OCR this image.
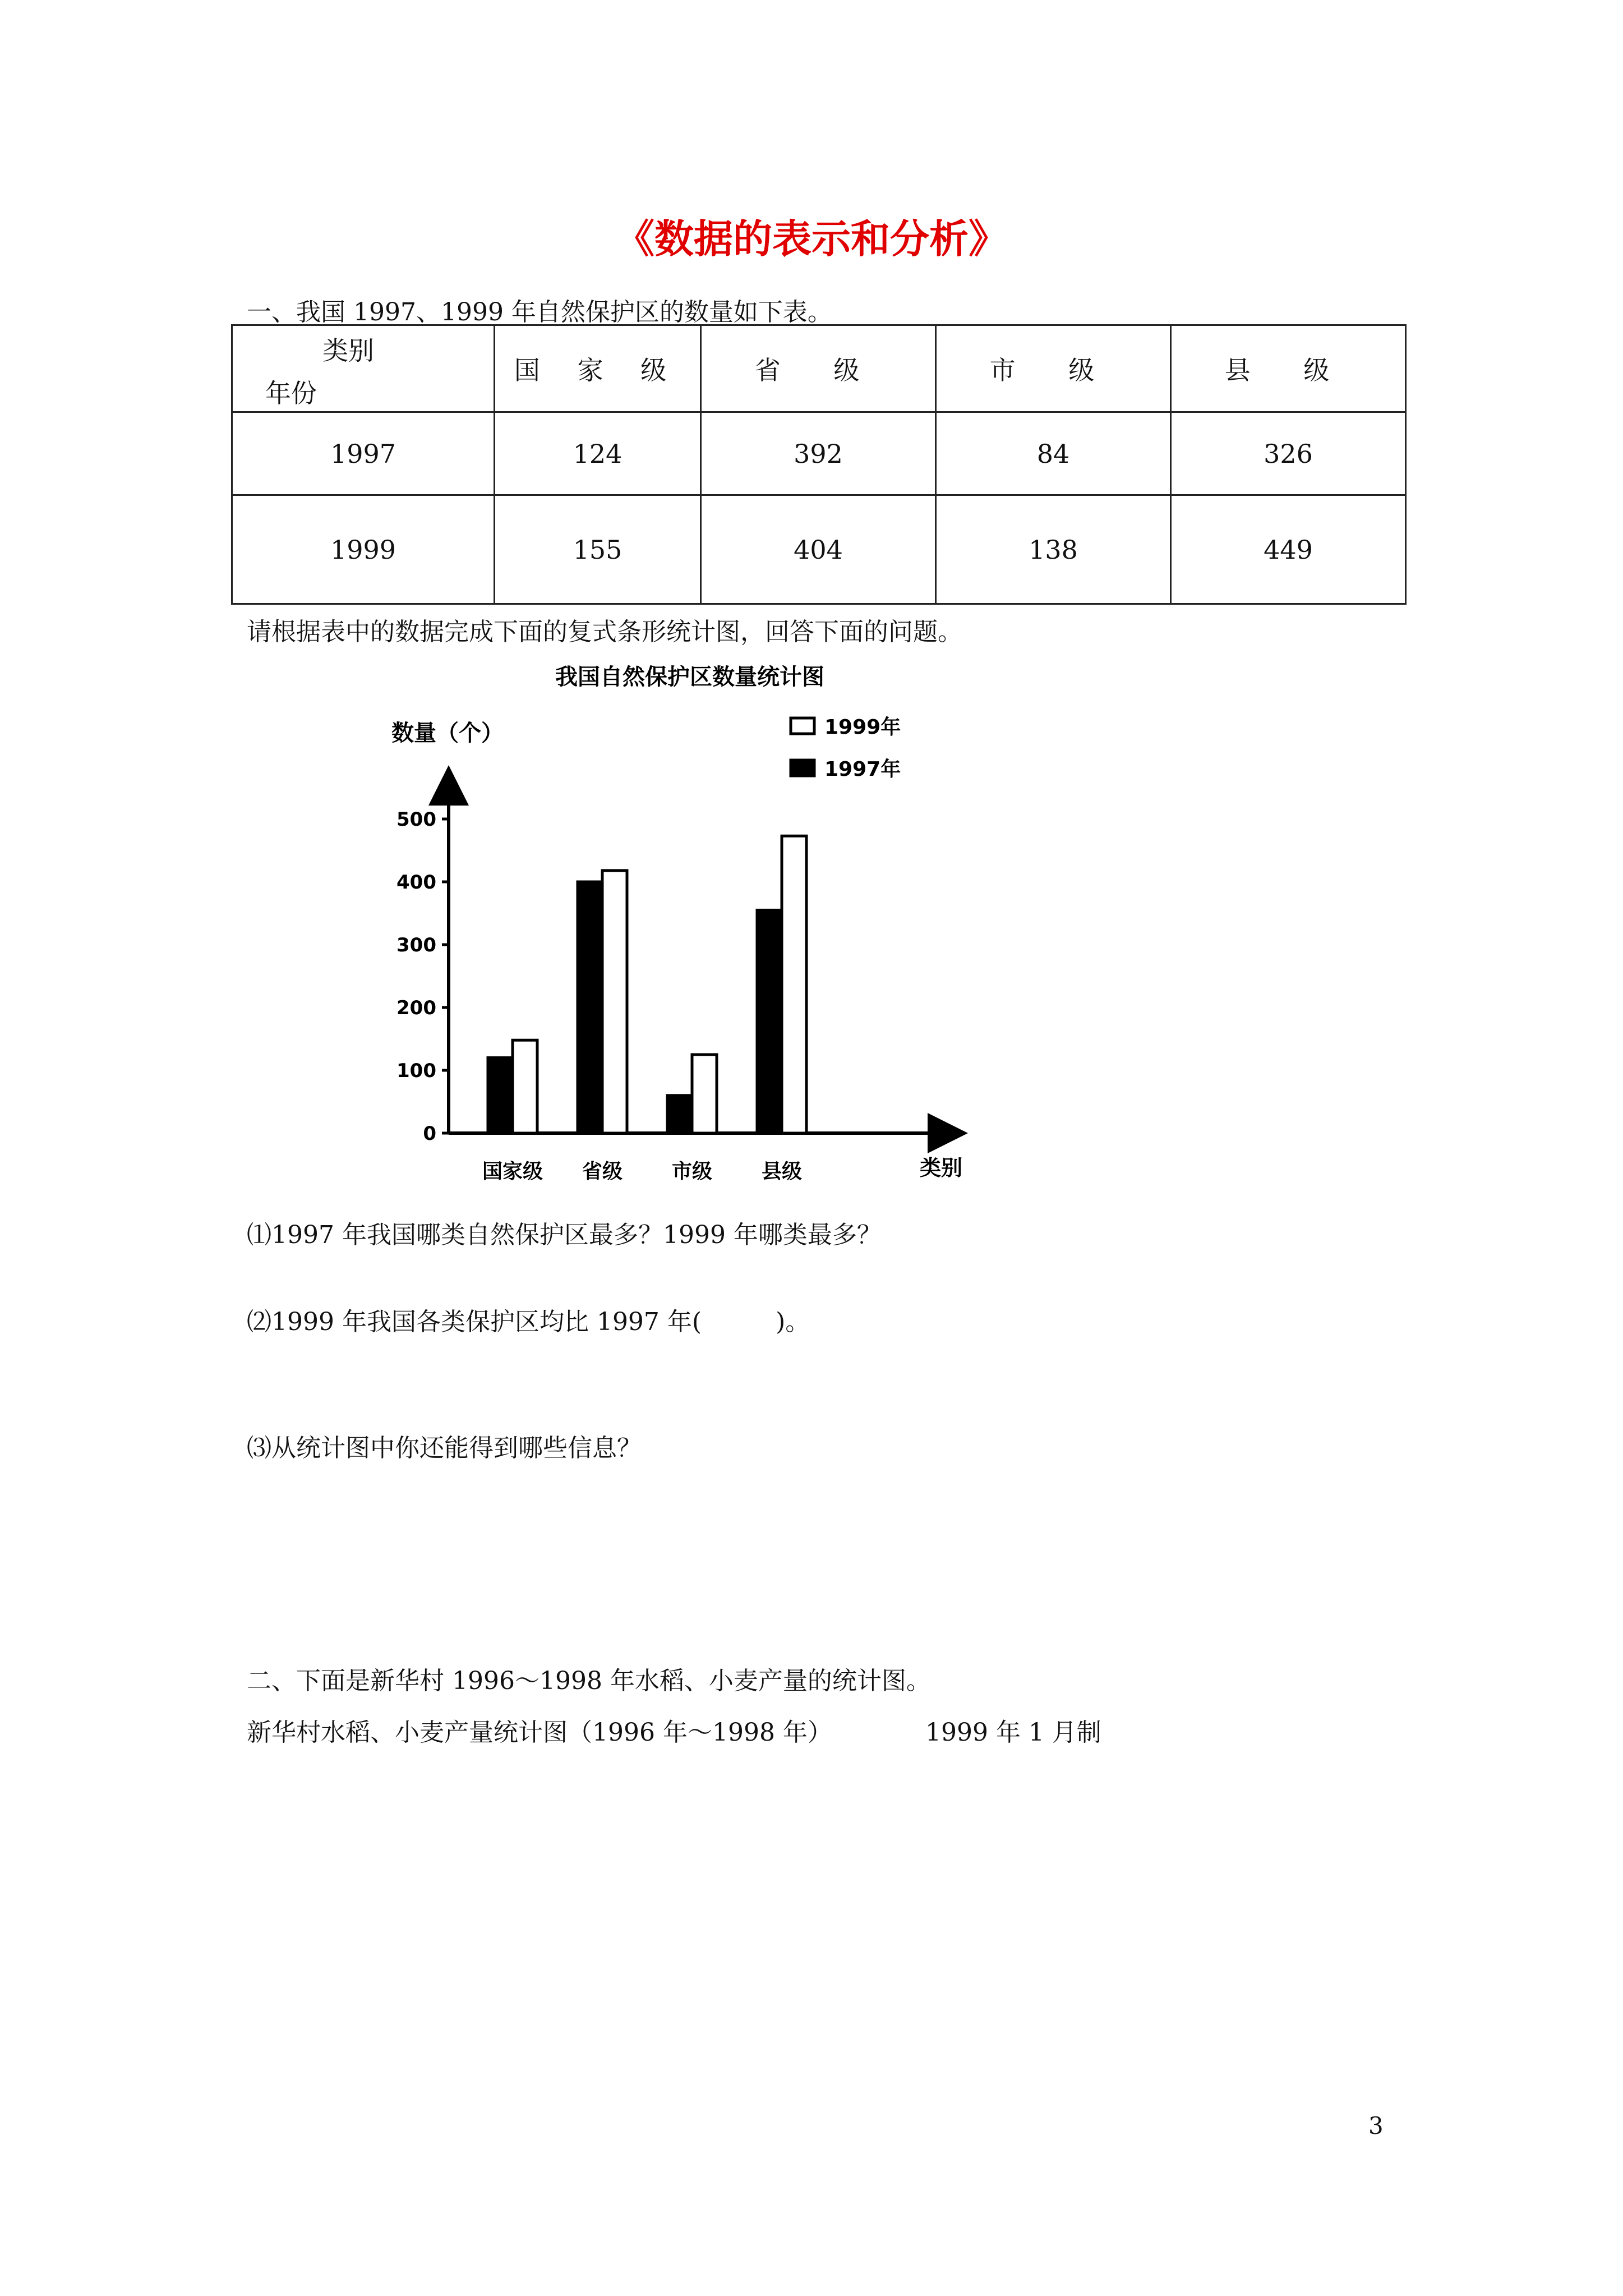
《数据的表示和分析》
一、我国 1997、1999 年自然保护区的数量如下表。
类别
年份	国 家 级	省 级	市 级	县 级
1997	124	392	84	326
1999	155	404	138	449
请根据表中的数据完成下面的复式条形统计图，回答下面的问题。
我国自然保护区数量统计图
数量（个）
类别
0
100
200
300
400
500
国家级 省级 市级 县级
1999年
1997年
⑴1997 年我国哪类自然保护区最多？1999 年哪类最多？
⑵1999 年我国各类保护区均比 1997 年(　　　)。
⑶从统计图中你还能得到哪些信息？
二、下面是新华村 1996～1998 年水稻、小麦产量的统计图。
新华村水稻、小麦产量统计图（1996 年～1998 年）	1999 年 1 月制
3
